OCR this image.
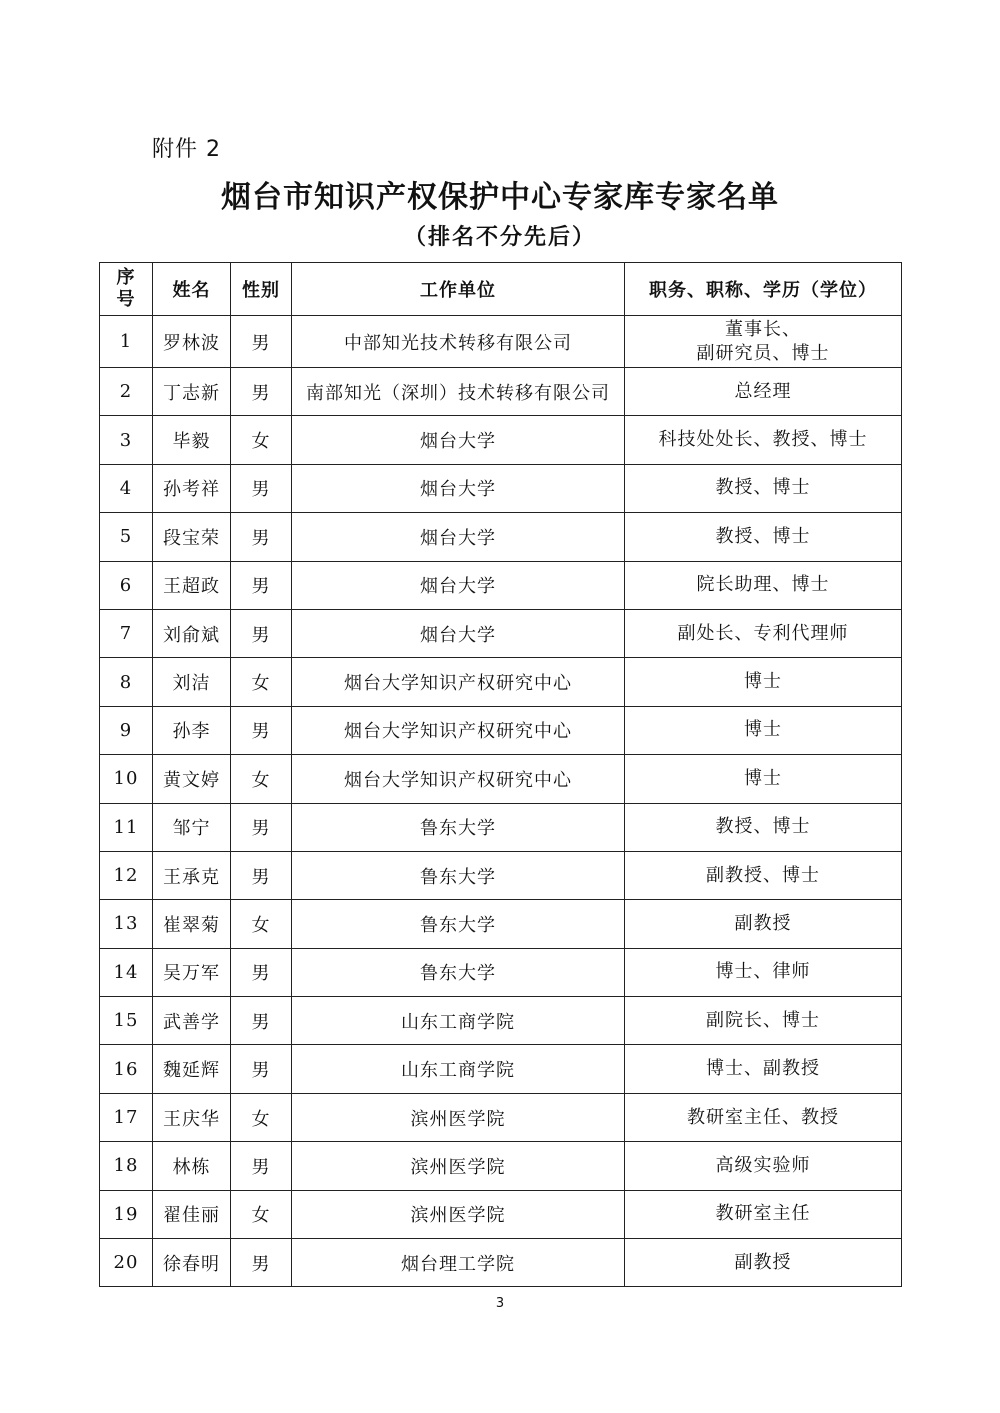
附件 2
烟台市知识产权保护中心专家库专家名单
（排名不分先后）
序
号	姓名	性别	工作单位	职务、职称、学历（学位）
1	罗林波	男	中部知光技术转移有限公司	董事长、
副研究员、博士
2	丁志新	男	南部知光（深圳）技术转移有限公司	总经理
3	毕毅	女	烟台大学	科技处处长、教授、博士
4	孙考祥	男	烟台大学	教授、博士
5	段宝荣	男	烟台大学	教授、博士
6	王超政	男	烟台大学	院长助理、博士
7	刘俞斌	男	烟台大学	副处长、专利代理师
8	刘洁	女	烟台大学知识产权研究中心	博士
9	孙李	男	烟台大学知识产权研究中心	博士
10	黄文婷	女	烟台大学知识产权研究中心	博士
11	邹宁	男	鲁东大学	教授、博士
12	王承克	男	鲁东大学	副教授、博士
13	崔翠菊	女	鲁东大学	副教授
14	吴万军	男	鲁东大学	博士、律师
15	武善学	男	山东工商学院	副院长、博士
16	魏延辉	男	山东工商学院	博士、副教授
17	王庆华	女	滨州医学院	教研室主任、教授
18	林栋	男	滨州医学院	高级实验师
19	翟佳丽	女	滨州医学院	教研室主任
20	徐春明	男	烟台理工学院	副教授
3
